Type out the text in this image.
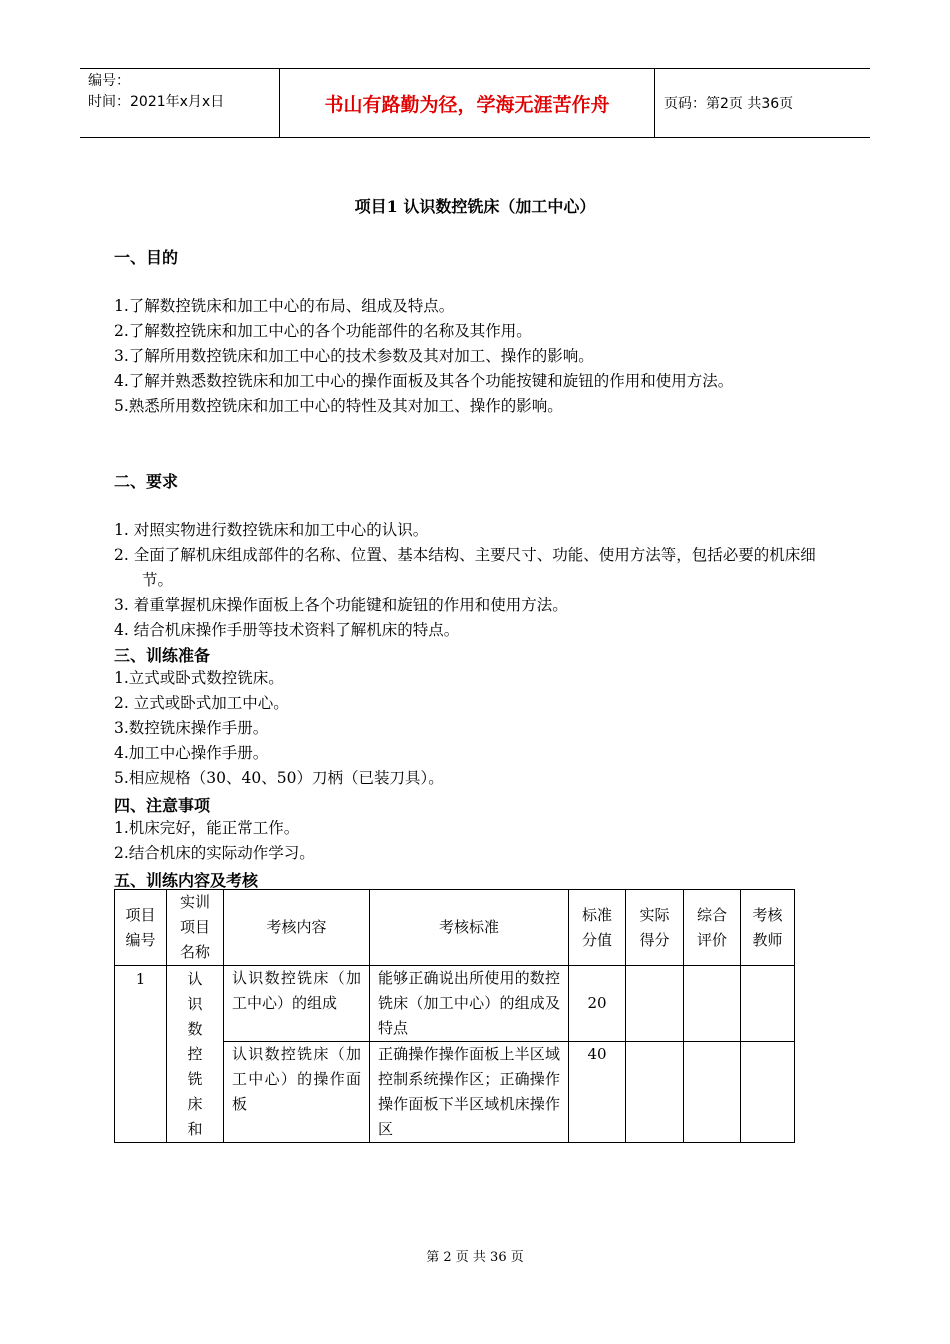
编号：
时间：2021年x月x日	书山有路勤为径，学海无涯苦作舟	页码：第2页 共36页
项目1 认识数控铣床（加工中心）
一、目的
1.了解数控铣床和加工中心的布局、组成及特点。
2.了解数控铣床和加工中心的各个功能部件的名称及其作用。
3.了解所用数控铣床和加工中心的技术参数及其对加工、操作的影响。
4.了解并熟悉数控铣床和加工中心的操作面板及其各个功能按键和旋钮的作用和使用方法。
5.熟悉所用数控铣床和加工中心的特性及其对加工、操作的影响。
二、要求
1. 对照实物进行数控铣床和加工中心的认识。
2. 全面了解机床组成部件的名称、位置、基本结构、主要尺寸、功能、使用方法等，包括必要的机床细节。
3. 着重掌握机床操作面板上各个功能键和旋钮的作用和使用方法。
4. 结合机床操作手册等技术资料了解机床的特点。
三、训练准备
1.立式或卧式数控铣床。
2. 立式或卧式加工中心。
3.数控铣床操作手册。
4.加工中心操作手册。
5.相应规格（30、40、50）刀柄（已装刀具）。
四、注意事项
1.机床完好，能正常工作。
2.结合机床的实际动作学习。
五、训练内容及考核
项目编号	实训项目名称	考核内容	考核标准	标准分值	实际得分	综合评价	考核教师

1	认识数控铣床和	认识数控铣床（加工中心）的组成	能够正确说出所使用的数控铣床（加工中心）的组成及特点	20			
		认识数控铣床（加工中心）的操作面板	正确操作操作面板上半区域控制系统操作区；正确操作操作面板下半区域机床操作区	40			
第 2 页 共 36 页
